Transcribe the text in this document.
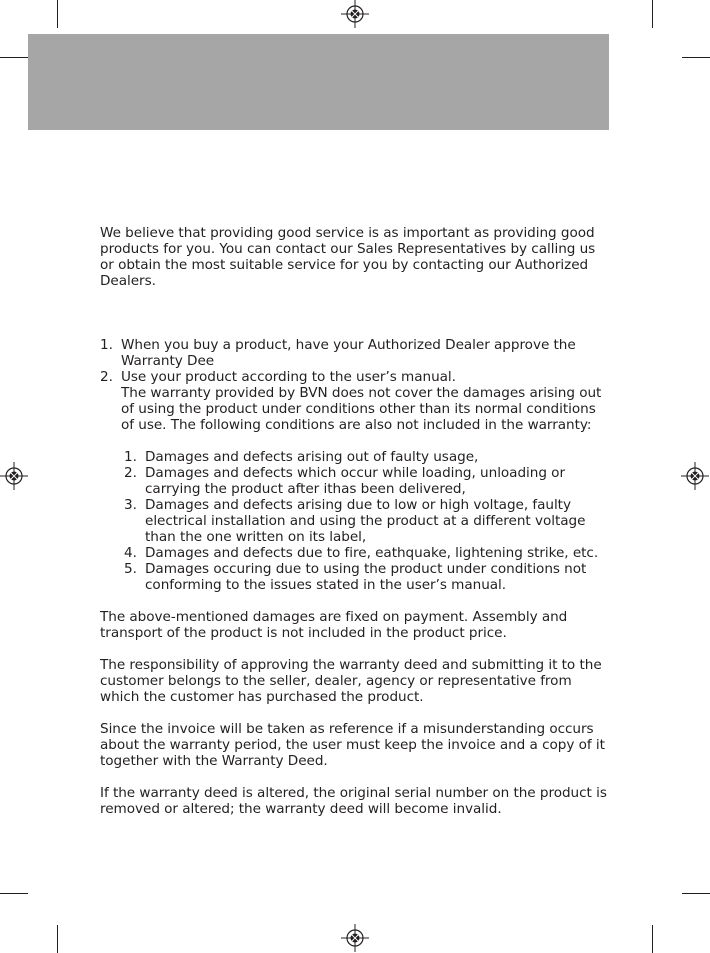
We believe that providing good service is as important as providing good products for you. You can contact our Sales Representatives by calling us or obtain the most suitable service for you by contacting our Authorized Dealers.

1. When you buy a product, have your Authorized Dealer approve the Warranty Dee
2. Use your product according to the user’s manual.

The warranty provided by BVN does not cover the damages arising out of using the product under conditions other than its normal conditions of use. The following conditions are also not included in the warranty:

1. Damages and defects arising out of faulty usage,
2. Damages and defects which occur while loading, unloading or carrying the product after ithas been delivered,
3. Damages and defects arising due to low or high voltage, faulty electrical installation and using the product at a different voltage than the one written on its label,
4. Damages and defects due to fire, eathquake, lightening strike, etc.
5. Damages occuring due to using the product under conditions not conforming to the issues stated in the user’s manual.

The above-mentioned damages are fixed on payment. Assembly and transport of the product is not included in the product price.

The responsibility of approving the warranty deed and submitting it to the customer belongs to the seller, dealer, agency or representative from which the customer has purchased the product.

Since the invoice will be taken as reference if a misunderstanding occurs about the warranty period, the user must keep the invoice and a copy of it together with the Warranty Deed.

If the warranty deed is altered, the original serial number on the product is removed or altered; the warranty deed will become invalid.
